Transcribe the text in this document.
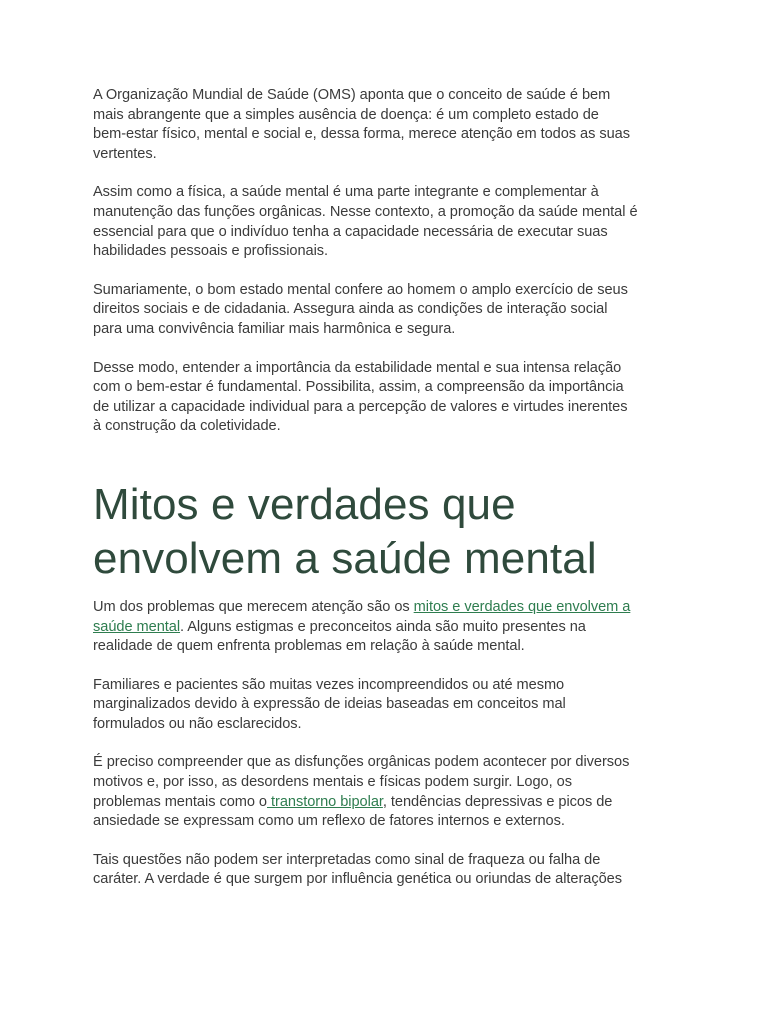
A Organização Mundial de Saúde (OMS) aponta que o conceito de saúde é bem
mais abrangente que a simples ausência de doença: é um completo estado de
bem-estar físico, mental e social e, dessa forma, merece atenção em todos as suas
vertentes.

Assim como a física, a saúde mental é uma parte integrante e complementar à
manutenção das funções orgânicas. Nesse contexto, a promoção da saúde mental é
essencial para que o indivíduo tenha a capacidade necessária de executar suas
habilidades pessoais e profissionais.

Sumariamente, o bom estado mental confere ao homem o amplo exercício de seus
direitos sociais e de cidadania. Assegura ainda as condições de interação social
para uma convivência familiar mais harmônica e segura.

Desse modo, entender a importância da estabilidade mental e sua intensa relação
com o bem-estar é fundamental. Possibilita, assim, a compreensão da importância
de utilizar a capacidade individual para a percepção de valores e virtudes inerentes
à construção da coletividade.

Mitos e verdades que
envolvem a saúde mental

Um dos problemas que merecem atenção são os mitos e verdades que envolvem a
saúde mental. Alguns estigmas e preconceitos ainda são muito presentes na
realidade de quem enfrenta problemas em relação à saúde mental.

Familiares e pacientes são muitas vezes incompreendidos ou até mesmo
marginalizados devido à expressão de ideias baseadas em conceitos mal
formulados ou não esclarecidos.

É preciso compreender que as disfunções orgânicas podem acontecer por diversos
motivos e, por isso, as desordens mentais e físicas podem surgir. Logo, os
problemas mentais como o transtorno bipolar, tendências depressivas e picos de
ansiedade se expressam como um reflexo de fatores internos e externos.

Tais questões não podem ser interpretadas como sinal de fraqueza ou falha de
caráter. A verdade é que surgem por influência genética ou oriundas de alterações
